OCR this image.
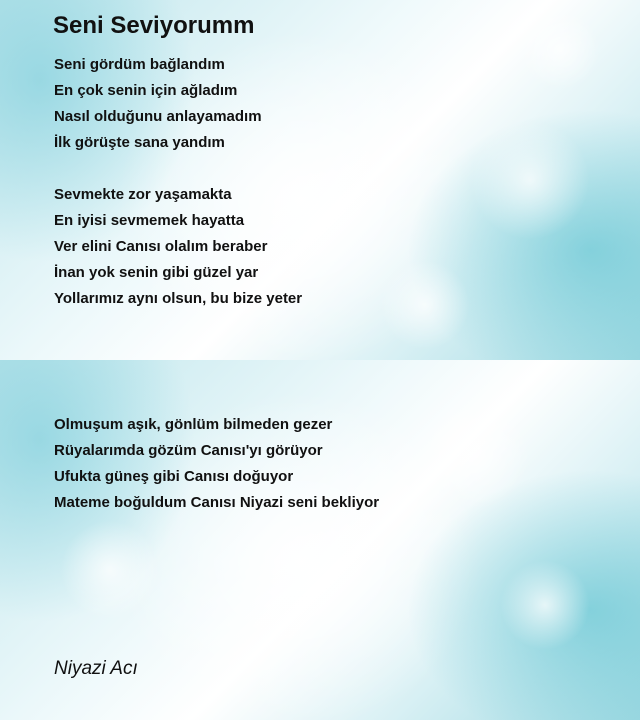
Seni Seviyorumm
Seni gördüm bağlandım
En çok senin için ağladım
Nasıl olduğunu anlayamadım
İlk görüşte sana yandım
Sevmekte zor yaşamakta
En iyisi sevmemek hayatta
Ver elini Canısı olalım beraber
İnan yok senin gibi güzel yar
Yollarımız aynı olsun, bu bize yeter
Olmuşum aşık, gönlüm bilmeden gezer
Rüyalarımda gözüm Canısı'yı görüyor
Ufukta güneş gibi Canısı doğuyor
Mateme boğuldum Canısı Niyazi seni bekliyor
Niyazi Acı
